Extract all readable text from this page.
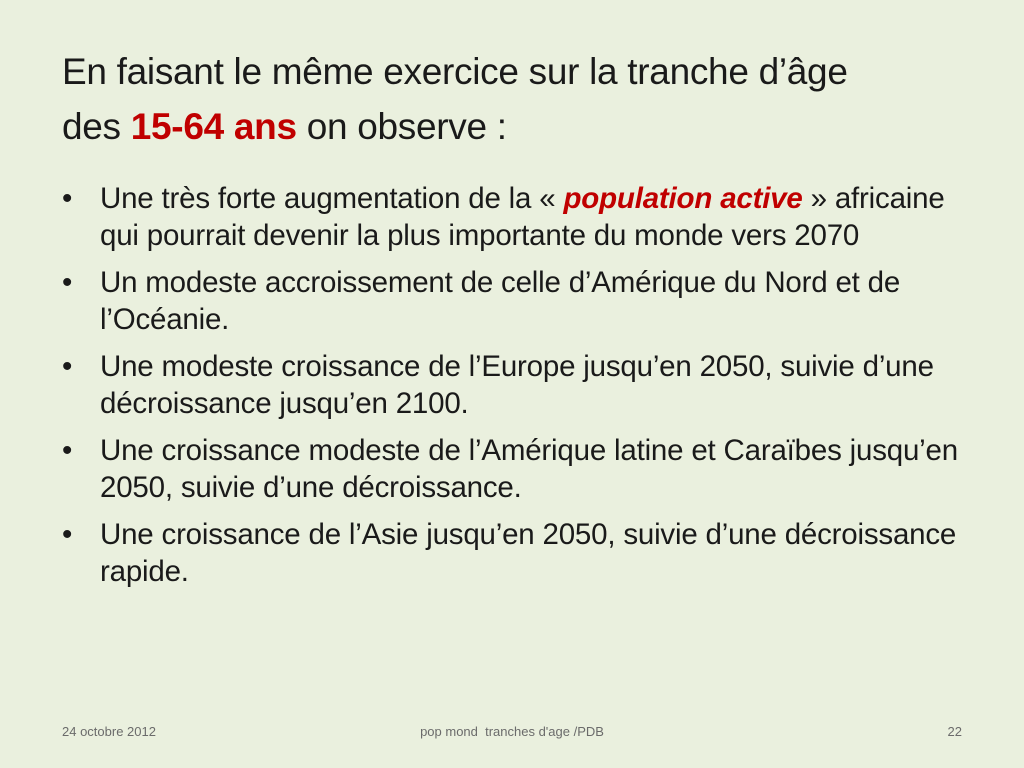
En faisant le même exercice sur la tranche d’âge
des 15-64 ans on observe :
• Une très forte augmentation de la « population active » africaine qui pourrait devenir la plus importante du monde vers 2070
• Un modeste accroissement de celle d’Amérique du Nord et de l’Océanie.
• Une modeste croissance de l’Europe jusqu’en 2050, suivie d’une décroissance jusqu’en 2100.
• Une croissance modeste de l’Amérique latine et Caraïbes jusqu’en 2050, suivie d’une décroissance.
• Une croissance de l’Asie jusqu’en 2050, suivie d’une décroissance rapide.
24 octobre 2012	pop mond  tranches d'age /PDB	22
